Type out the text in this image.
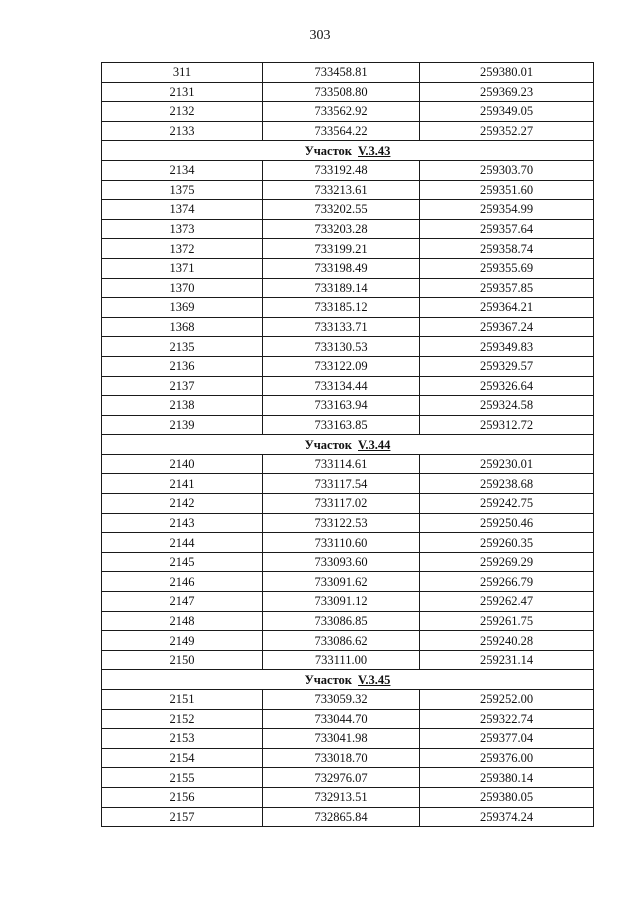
303
311	733458.81	259380.01
2131	733508.80	259369.23
2132	733562.92	259349.05
2133	733564.22	259352.27
Участок V.3.43		
2134	733192.48	259303.70
1375	733213.61	259351.60
1374	733202.55	259354.99
1373	733203.28	259357.64
1372	733199.21	259358.74
1371	733198.49	259355.69
1370	733189.14	259357.85
1369	733185.12	259364.21
1368	733133.71	259367.24
2135	733130.53	259349.83
2136	733122.09	259329.57
2137	733134.44	259326.64
2138	733163.94	259324.58
2139	733163.85	259312.72
Участок V.3.44		
2140	733114.61	259230.01
2141	733117.54	259238.68
2142	733117.02	259242.75
2143	733122.53	259250.46
2144	733110.60	259260.35
2145	733093.60	259269.29
2146	733091.62	259266.79
2147	733091.12	259262.47
2148	733086.85	259261.75
2149	733086.62	259240.28
2150	733111.00	259231.14
Участок V.3.45		
2151	733059.32	259252.00
2152	733044.70	259322.74
2153	733041.98	259377.04
2154	733018.70	259376.00
2155	732976.07	259380.14
2156	732913.51	259380.05
2157	732865.84	259374.24
